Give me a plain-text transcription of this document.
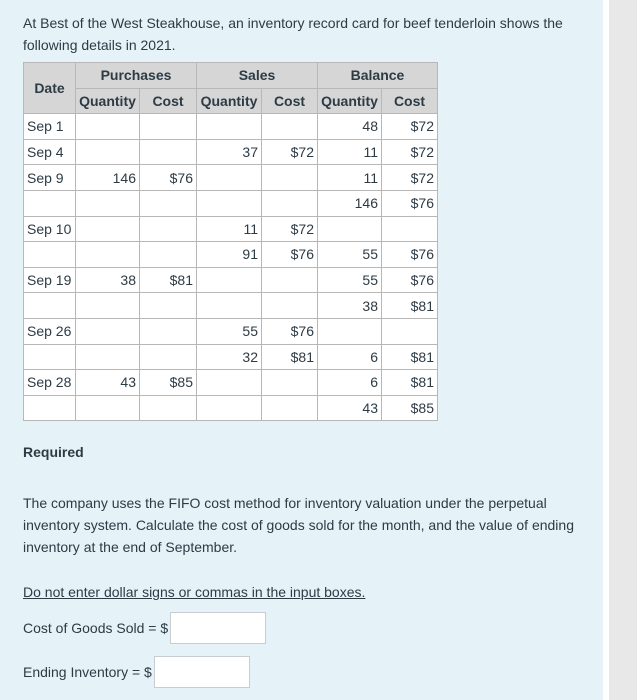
At Best of the West Steakhouse, an inventory record card for beef tenderloin shows the following details in 2021.
Date	Purchases		Sales		Balance	
	Quantity	Cost	Quantity	Cost	Quantity	Cost
Sep 1					48	$72
Sep 4			37	$72	11	$72
Sep 9	146	$76			11	$72
					146	$76
Sep 10			11	$72		
			91	$76	55	$76
Sep 19	38	$81			55	$76
					38	$81
Sep 26			55	$76		
			32	$81	6	$81
Sep 28	43	$85			6	$81
					43	$85
Required
The company uses the FIFO cost method for inventory valuation under the perpetual inventory system. Calculate the cost of goods sold for the month, and the value of ending inventory at the end of September.
Do not enter dollar signs or commas in the input boxes.
Cost of Goods Sold = $
Ending Inventory = $
